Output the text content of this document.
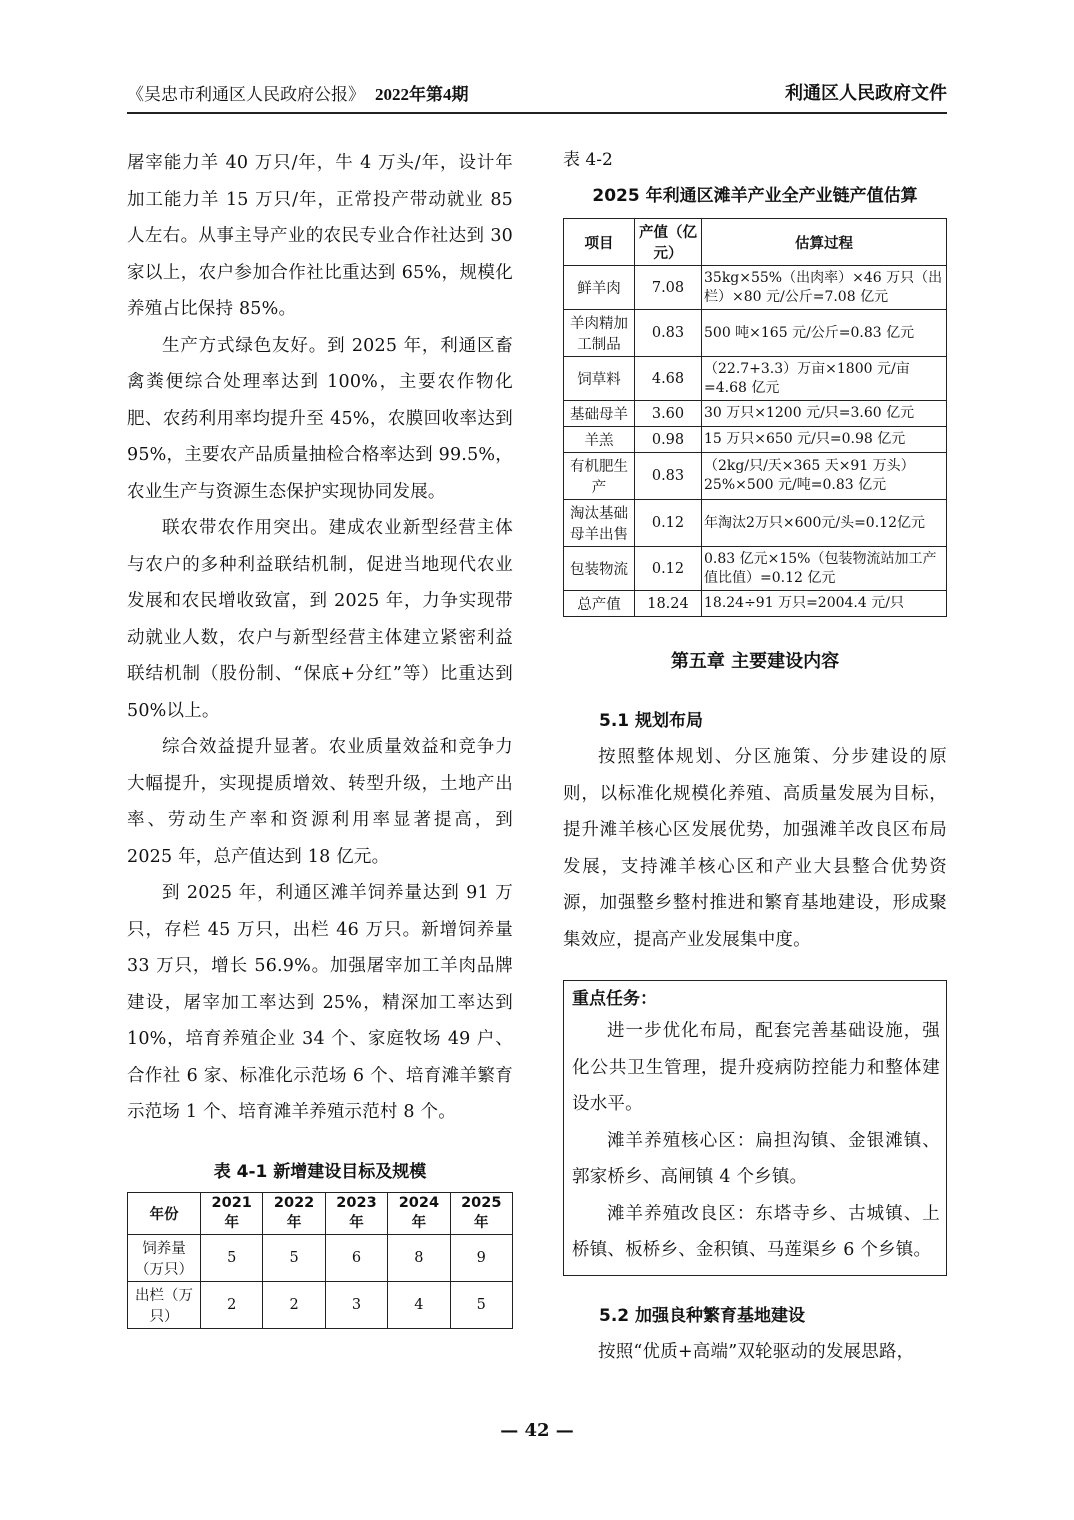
《吴忠市利通区人民政府公报》 2022年第4期	利通区人民政府文件

屠宰能力羊 40 万只/年，牛 4 万头/年，设计年加工能力羊 15 万只/年，正常投产带动就业 85 人左右。从事主导产业的农民专业合作社达到 30 家以上，农户参加合作社比重达到 65%，规模化养殖占比保持 85%。

生产方式绿色友好。到 2025 年，利通区畜禽粪便综合处理率达到 100%，主要农作物化肥、农药利用率均提升至 45%，农膜回收率达到 95%，主要农产品质量抽检合格率达到 99.5%，农业生产与资源生态保护实现协同发展。

联农带农作用突出。建成农业新型经营主体与农户的多种利益联结机制，促进当地现代农业发展和农民增收致富，到 2025 年，力争实现带动就业人数，农户与新型经营主体建立紧密利益联结机制（股份制、“保底+分红”等）比重达到 50%以上。

综合效益提升显著。农业质量效益和竞争力大幅提升，实现提质增效、转型升级，土地产出率、劳动生产率和资源利用率显著提高，到 2025 年，总产值达到 18 亿元。

到 2025 年，利通区滩羊饲养量达到 91 万只，存栏 45 万只，出栏 46 万只。新增饲养量 33 万只，增长 56.9%。加强屠宰加工羊肉品牌建设，屠宰加工率达到 25%，精深加工率达到 10%，培育养殖企业 34 个、家庭牧场 49 户、合作社 6 家、标准化示范场 6 个、培育滩羊繁育示范场 1 个、培育滩羊养殖示范村 8 个。

表 4-1 新增建设目标及规模
年份	2021 年	2022 年	2023 年	2024 年	2025 年
饲养量（万只）	5	5	6	8	9
出栏（万只）	2	2	3	4	5
表 4-2
2025 年利通区滩羊产业全产业链产值估算
项目	产值（亿元）	估算过程
鲜羊肉	7.08	35kg×55%（出肉率）×46 万只（出栏）×80 元/公斤=7.08 亿元
羊肉精加工制品	0.83	500 吨×165 元/公斤=0.83 亿元
饲草料	4.68	（22.7+3.3）万亩×1800 元/亩=4.68 亿元
基础母羊	3.60	30 万只×1200 元/只=3.60 亿元
羊羔	0.98	15 万只×650 元/只=0.98 亿元
有机肥生产	0.83	（2kg/只/天×365 天×91 万头）25%×500 元/吨=0.83 亿元
淘汰基础母羊出售	0.12	年淘汰2万只×600元/头=0.12亿元
包装物流	0.12	0.83 亿元×15%（包装物流站加工产值比值）=0.12 亿元
总产值	18.24	18.24÷91 万只=2004.4 元/只
第五章 主要建设内容
5.1 规划布局

按照整体规划、分区施策、分步建设的原则，以标准化规模化养殖、高质量发展为目标，提升滩羊核心区发展优势，加强滩羊改良区布局发展，支持滩羊核心区和产业大县整合优势资源，加强整乡整村推进和繁育基地建设，形成聚集效应，提高产业发展集中度。

重点任务：

进一步优化布局，配套完善基础设施，强化公共卫生管理，提升疫病防控能力和整体建设水平。

滩羊养殖核心区：扁担沟镇、金银滩镇、郭家桥乡、高闸镇 4 个乡镇。

滩羊养殖改良区：东塔寺乡、古城镇、上桥镇、板桥乡、金积镇、马莲渠乡 6 个乡镇。

5.2 加强良种繁育基地建设

按照“优质+高端”双轮驱动的发展思路，

— 42 —
